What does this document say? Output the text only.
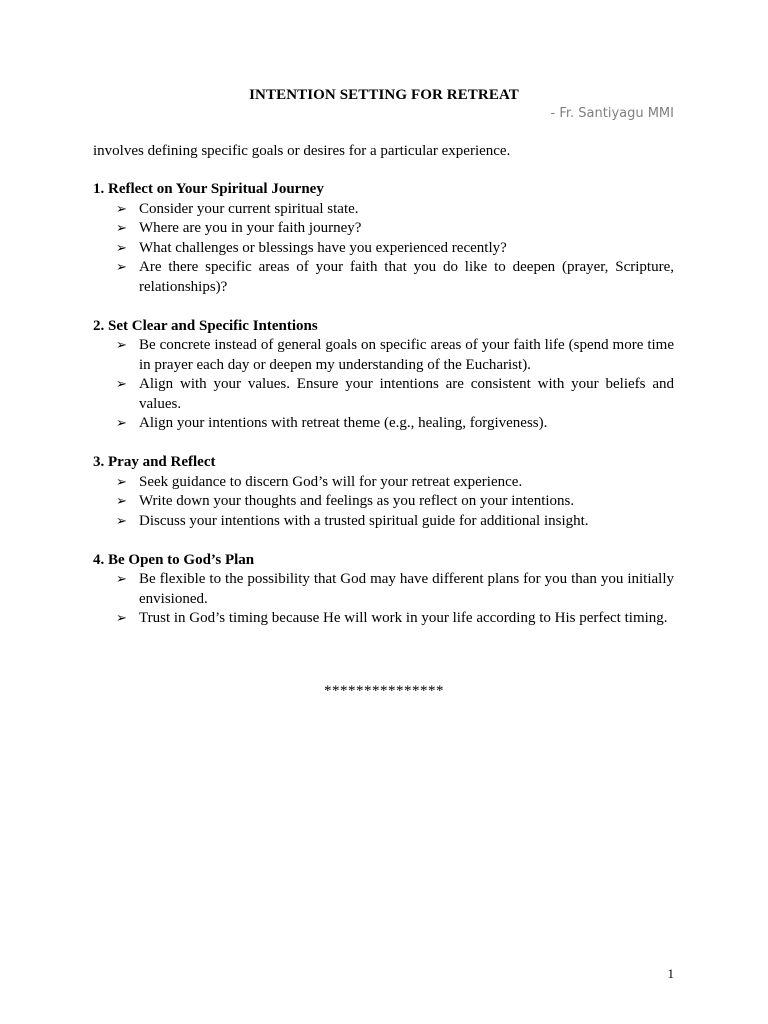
INTENTION SETTING FOR RETREAT
- Fr. Santiyagu MMI
involves defining specific goals or desires for a particular experience.
1. Reflect on Your Spiritual Journey
➢ Consider your current spiritual state.
➢ Where are you in your faith journey?
➢ What challenges or blessings have you experienced recently?
➢ Are there specific areas of your faith that you do like to deepen (prayer, Scripture, relationships)?
2. Set Clear and Specific Intentions
➢ Be concrete instead of general goals on specific areas of your faith life (spend more time in prayer each day or deepen my understanding of the Eucharist).
➢ Align with your values. Ensure your intentions are consistent with your beliefs and values.
➢ Align your intentions with retreat theme (e.g., healing, forgiveness).
3. Pray and Reflect
➢ Seek guidance to discern God’s will for your retreat experience.
➢ Write down your thoughts and feelings as you reflect on your intentions.
➢ Discuss your intentions with a trusted spiritual guide for additional insight.
4. Be Open to God’s Plan
➢ Be flexible to the possibility that God may have different plans for you than you initially envisioned.
➢ Trust in God’s timing because He will work in your life according to His perfect timing.
***************
1
